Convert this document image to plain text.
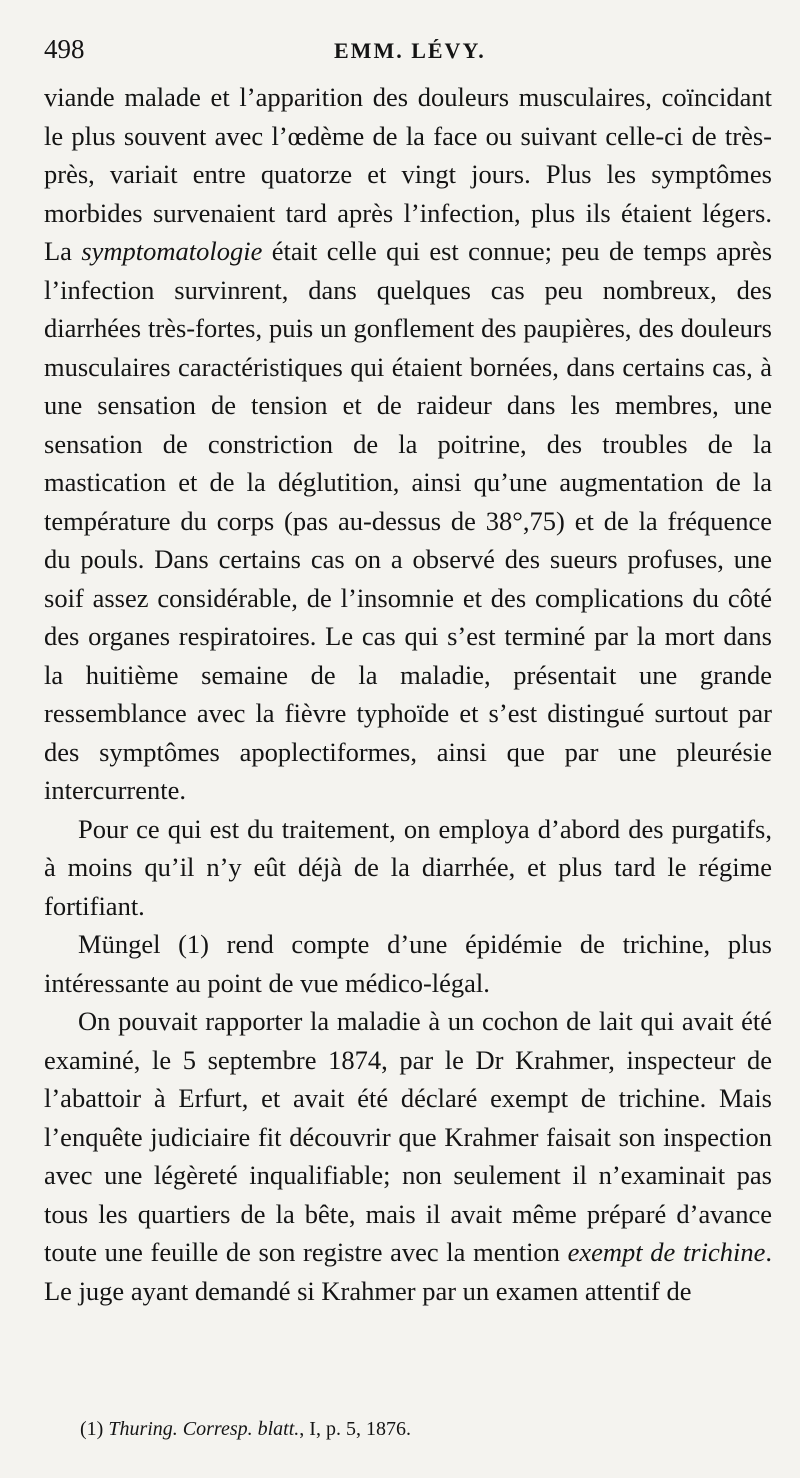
498	EMM. LÉVY.

viande malade et l’apparition des douleurs musculaires, coïncidant le plus souvent avec l’œdème de la face ou suivant celle-ci de très-près, variait entre quatorze et vingt jours. Plus les symptômes morbides survenaient tard après l’infection, plus ils étaient légers. La symptomatologie était celle qui est connue; peu de temps après l’infection survinrent, dans quelques cas peu nombreux, des diarrhées très-fortes, puis un gonflement des paupières, des douleurs musculaires caractéristiques qui étaient bornées, dans certains cas, à une sensation de tension et de raideur dans les membres, une sensation de constriction de la poitrine, des troubles de la mastication et de la déglutition, ainsi qu’une augmentation de la température du corps (pas au-dessus de 38°,75) et de la fréquence du pouls. Dans certains cas on a observé des sueurs profuses, une soif assez considérable, de l’insomnie et des complications du côté des organes respiratoires. Le cas qui s’est terminé par la mort dans la huitième semaine de la maladie, présentait une grande ressemblance avec la fièvre typhoïde et s’est distingué surtout par des symptômes apoplectiformes, ainsi que par une pleurésie intercurrente.

Pour ce qui est du traitement, on employa d’abord des purgatifs, à moins qu’il n’y eût déjà de la diarrhée, et plus tard le régime fortifiant.

Müngel (1) rend compte d’une épidémie de trichine, plus intéressante au point de vue médico-légal.

On pouvait rapporter la maladie à un cochon de lait qui avait été examiné, le 5 septembre 1874, par le Dr Krahmer, inspecteur de l’abattoir à Erfurt, et avait été déclaré exempt de trichine. Mais l’enquête judiciaire fit découvrir que Krahmer faisait son inspection avec une légèreté inqualifiable; non seulement il n’examinait pas tous les quartiers de la bête, mais il avait même préparé d’avance toute une feuille de son registre avec la mention exempt de trichine. Le juge ayant demandé si Krahmer par un examen attentif de

(1) Thuring. Corresp. blatt., I, p. 5, 1876.
